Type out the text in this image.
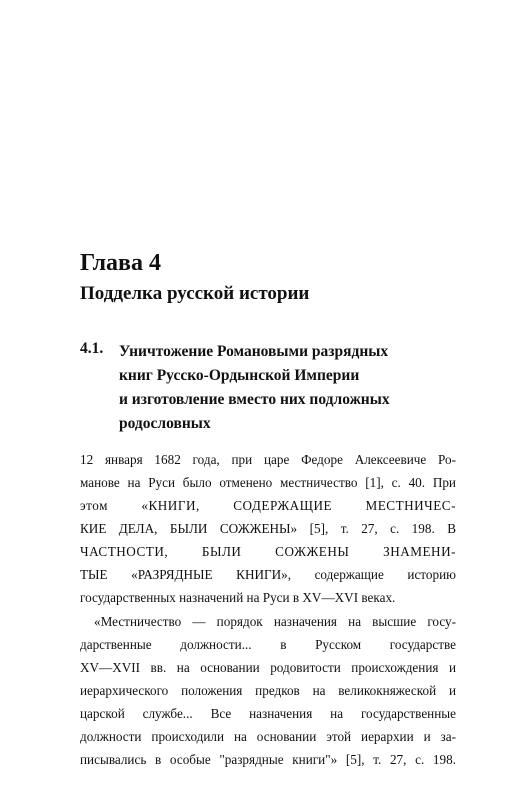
Глава 4
Подделка русской истории
4.1. Уничтожение Романовыми разрядных
книг Русско-Ордынской Империи
и изготовление вместо них подложных
родословных

12 января 1682 года, при царе Федоре Алексеевиче Ро-
манове на Руси было отменено местничество [1], с. 40. При
этом «КНИГИ, СОДЕРЖАЩИЕ МЕСТНИЧЕС-
КИЕ ДЕЛА, БЫЛИ СОЖЖЕНЫ» [5], т. 27, с. 198. В
ЧАСТНОСТИ, БЫЛИ СОЖЖЕНЫ ЗНАМЕНИ-
ТЫЕ «РАЗРЯДНЫЕ КНИГИ», содержащие историю
государственных назначений на Руси в XV—XVI веках.

«Местничество — порядок назначения на высшие госу-
дарственные должности... в Русском государстве
XV—XVII вв. на основании родовитости происхождения и
иерархического положения предков на великокняжеской и
царской службе... Все назначения на государственные
должности происходили на основании этой иерархии и за-
писывались в особые "разрядные книги"» [5], т. 27, с. 198.
